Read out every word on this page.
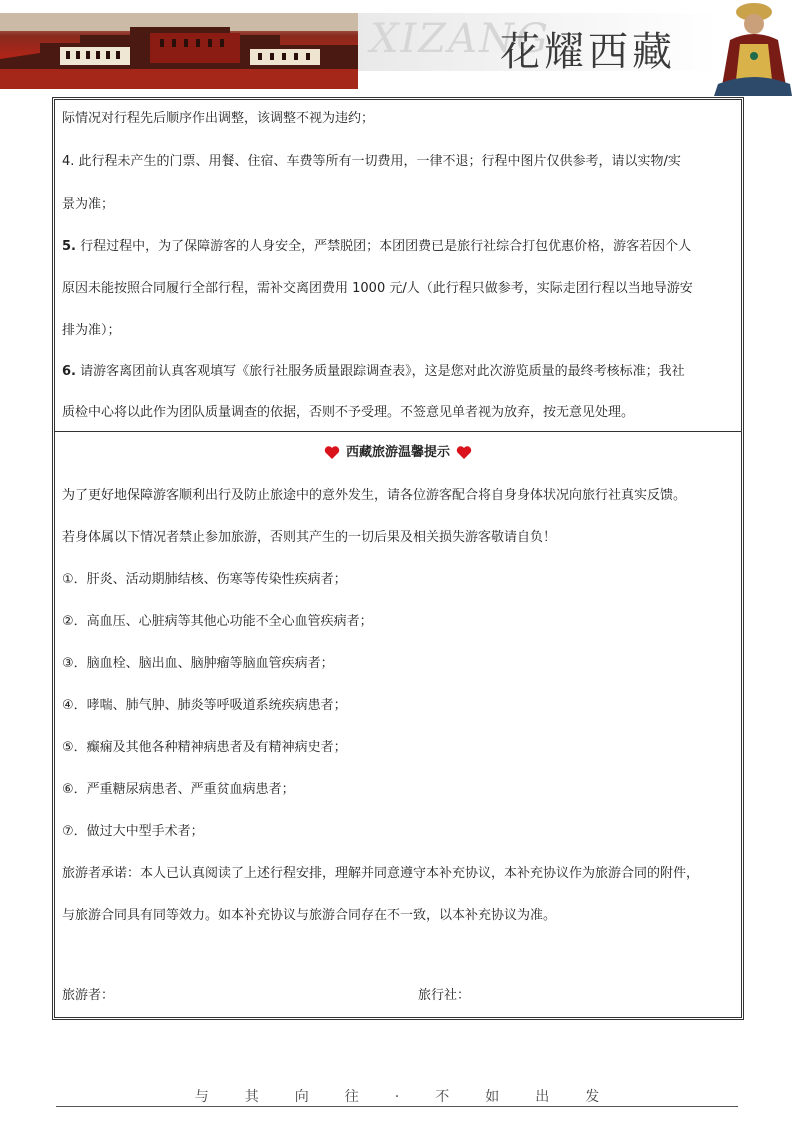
XIZANG
花耀西藏
际情况对行程先后顺序作出调整，该调整不视为违约；
4. 此行程未产生的门票、用餐、住宿、车费等所有一切费用，一律不退；行程中图片仅供参考，请以实物/实
景为准；
5. 行程过程中，为了保障游客的人身安全，严禁脱团；本团团费已是旅行社综合打包优惠价格，游客若因个人
原因未能按照合同履行全部行程，需补交离团费用 1000 元/人（此行程只做参考，实际走团行程以当地导游安
排为准）；
6. 请游客离团前认真客观填写《旅行社服务质量跟踪调查表》，这是您对此次游览质量的最终考核标准；我社
质检中心将以此作为团队质量调查的依据，否则不予受理。不签意见单者视为放弃，按无意见处理。
西藏旅游温馨提示
为了更好地保障游客顺利出行及防止旅途中的意外发生，请各位游客配合将自身身体状况向旅行社真实反馈。
若身体属以下情况者禁止参加旅游，否则其产生的一切后果及相关损失游客敬请自负！
①．肝炎、活动期肺结核、伤寒等传染性疾病者；
②．高血压、心脏病等其他心功能不全心血管疾病者；
③．脑血栓、脑出血、脑肿瘤等脑血管疾病者；
④．哮喘、肺气肿、肺炎等呼吸道系统疾病患者；
⑤．癫痫及其他各种精神病患者及有精神病史者；
⑥．严重糖尿病患者、严重贫血病患者；
⑦．做过大中型手术者；
旅游者承诺：本人已认真阅读了上述行程安排，理解并同意遵守本补充协议，本补充协议作为旅游合同的附件，
与旅游合同具有同等效力。如本补充协议与旅游合同存在不一致，以本补充协议为准。
旅游者：	旅行社：
与其向往·不如出发
